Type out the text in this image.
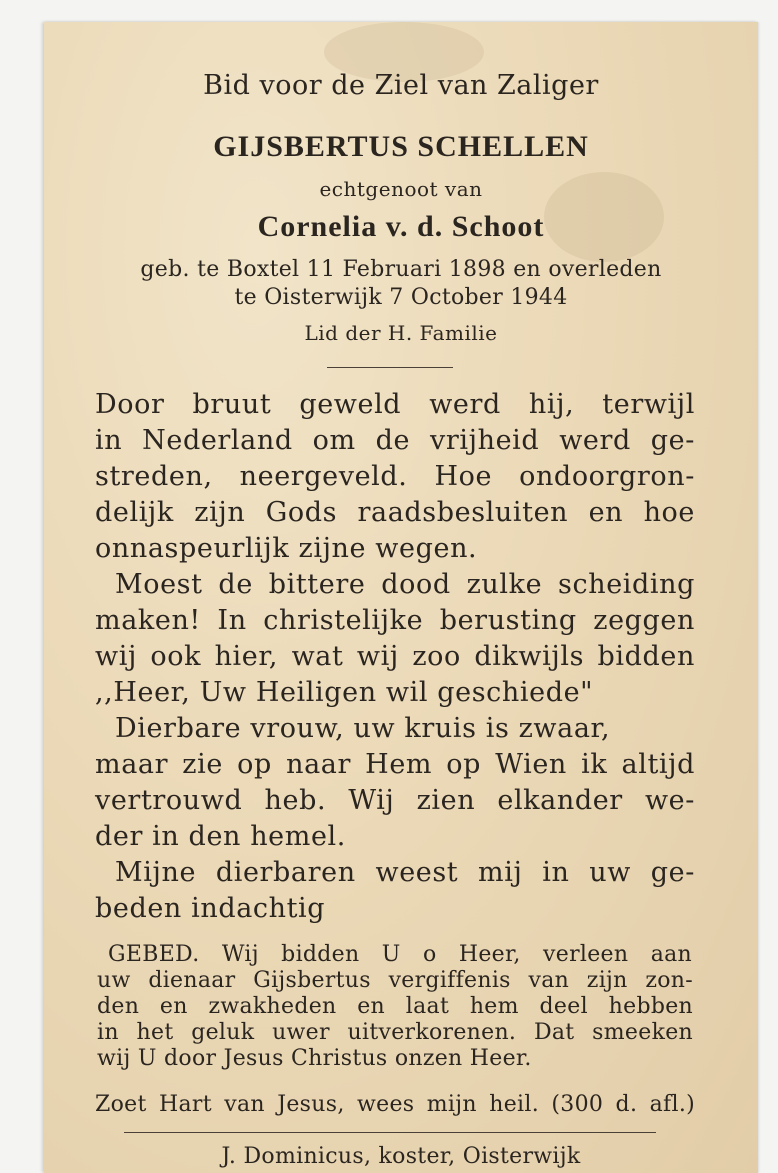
Bid voor de Ziel van Zaliger
GIJSBERTUS SCHELLEN
echtgenoot van
Cornelia v. d. Schoot
geb. te Boxtel 11 Februari 1898 en overleden
te Oisterwijk 7 October 1944
Lid der H. Familie
Door bruut geweld werd hij, terwijl
in Nederland om de vrijheid werd ge-
streden, neergeveld. Hoe ondoorgron-
delijk zijn Gods raadsbesluiten en hoe
onnaspeurlijk zijne wegen.
Moest de bittere dood zulke scheiding
maken! In christelijke berusting zeggen
wij ook hier, wat wij zoo dikwijls bidden
,,Heer, Uw Heiligen wil geschiede"
Dierbare vrouw, uw kruis is zwaar,
maar zie op naar Hem op Wien ik altijd
vertrouwd heb. Wij zien elkander we-
der in den hemel.
Mijne dierbaren weest mij in uw ge-
beden indachtig
GEBED. Wij bidden U o Heer, verleen aan
uw dienaar Gijsbertus vergiffenis van zijn zon-
den en zwakheden en laat hem deel hebben
in het geluk uwer uitverkorenen. Dat smeeken
wij U door Jesus Christus onzen Heer.
Zoet Hart van Jesus, wees mijn heil. (300 d. afl.)
J. Dominicus, koster, Oisterwijk
